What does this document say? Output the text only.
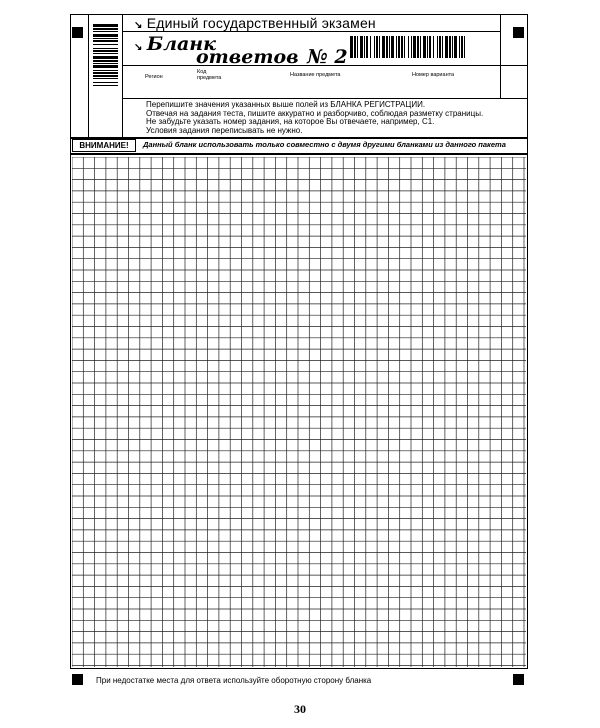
↘ Единый государственный экзамен
↘ Бланк
ответов № 2
Регион
Код
предмета	Название предмета	Номер варианта
Перепишите значения указанных выше полей из БЛАНКА РЕГИСТРАЦИИ.
Отвечая на задания теста, пишите аккуратно и разборчиво, соблюдая разметку страницы.
Не забудьте указать номер задания, на которое Вы отвечаете, например, С1.
Условия задания переписывать не нужно.
ВНИМАНИЕ!	Данный бланк использовать только совместно с двумя другими бланками из данного пакета
При недостатке места для ответа используйте оборотную сторону бланка
30
